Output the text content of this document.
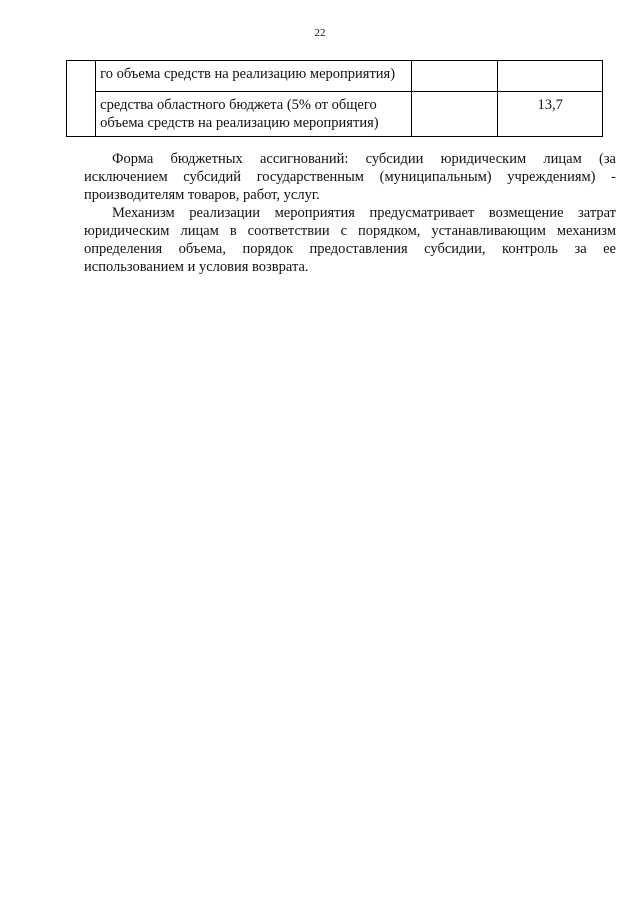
22
	го объема средств на реализацию мероприятия)		
	средства областного бюджета (5% от общего объема средств на реализацию мероприятия)		13,7

Форма бюджетных ассигнований: субсидии юридическим лицам (за исключением субсидий государственным (муниципальным) учреждениям) - производителям товаров, работ, услуг.

Механизм реализации мероприятия предусматривает возмещение затрат юридическим лицам в соответствии с порядком, устанавливающим механизм определения объема, порядок предоставления субсидии, контроль за ее использованием и условия возврата.
